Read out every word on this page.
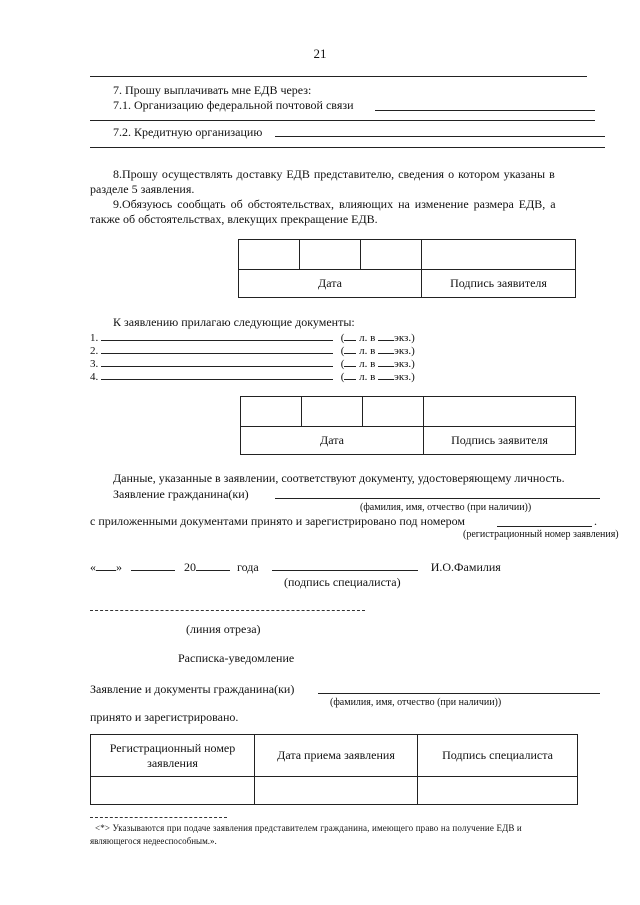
21
7. Прошу выплачивать мне ЕДВ через:
7.1. Организацию федеральной почтовой связи
7.2. Кредитную организацию
8.Прошу осуществлять доставку ЕДВ представителю, сведения о котором указаны в
разделе 5 заявления.
9.Обязуюсь сообщать об обстоятельствах, влияющих на изменение размера ЕДВ, а
также об обстоятельствах, влекущих прекращение ЕДВ.

Дата			Подпись заявителя
К заявлению прилагаю следующие документы:
1.	( л. в экз.)
2.	( л. в экз.)
3.	( л. в экз.)
4.	( л. в экз.)

Дата			Подпись заявителя
Данные, указанные в заявлении, соответствуют документу, удостоверяющему личность.
Заявление гражданина(ки)
(фамилия, имя, отчество (при наличии))
с приложенными документами принято и зарегистрировано под номером	.
(регистрационный номер заявления)
« »	20	года	И.О.Фамилия
(подпись специалиста)
(линия отреза)
Расписка-уведомление
Заявление и документы гражданина(ки)
(фамилия, имя, отчество (при наличии))
принято и зарегистрировано.
Регистрационный номер заявления	Дата приема заявления	Подпись специалиста

<*> Указываются при подаче заявления представителем гражданина, имеющего право на получение ЕДВ и
являющегося недееспособным.».
